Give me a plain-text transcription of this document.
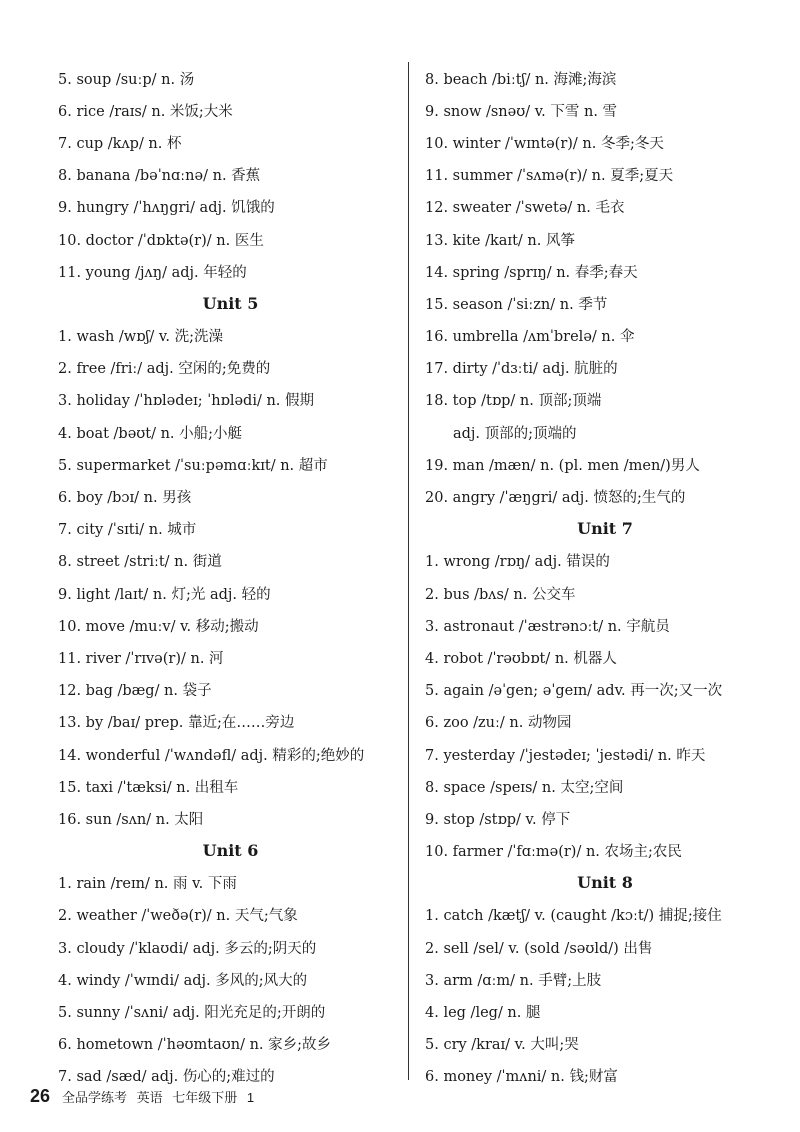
5. soup /suːp/ n. 汤
6. rice /raɪs/ n. 米饭;大米
7. cup /kʌp/ n. 杯
8. banana /bəˈnɑːnə/ n. 香蕉
9. hungry /ˈhʌŋgri/ adj. 饥饿的
10. doctor /ˈdɒktə(r)/ n. 医生
11. young /jʌŋ/ adj. 年轻的
Unit 5
1. wash /wɒʃ/ v. 洗;洗澡
2. free /friː/ adj. 空闲的;免费的
3. holiday /ˈhɒlədeɪ; ˈhɒlədi/ n. 假期
4. boat /bəʊt/ n. 小船;小艇
5. supermarket /ˈsuːpəmɑːkɪt/ n. 超市
6. boy /bɔɪ/ n. 男孩
7. city /ˈsɪti/ n. 城市
8. street /striːt/ n. 街道
9. light /laɪt/ n. 灯;光 adj. 轻的
10. move /muːv/ v. 移动;搬动
11. river /ˈrɪvə(r)/ n. 河
12. bag /bæg/ n. 袋子
13. by /baɪ/ prep. 靠近;在……旁边
14. wonderful /ˈwʌndəfl/ adj. 精彩的;绝妙的
15. taxi /ˈtæksi/ n. 出租车
16. sun /sʌn/ n. 太阳
Unit 6
1. rain /reɪn/ n. 雨 v. 下雨
2. weather /ˈweðə(r)/ n. 天气;气象
3. cloudy /ˈklaʊdi/ adj. 多云的;阴天的
4. windy /ˈwɪndi/ adj. 多风的;风大的
5. sunny /ˈsʌni/ adj. 阳光充足的;开朗的
6. hometown /ˈhəʊmtaʊn/ n. 家乡;故乡
7. sad /sæd/ adj. 伤心的;难过的
8. beach /biːtʃ/ n. 海滩;海滨
9. snow /snəʊ/ v. 下雪 n. 雪
10. winter /ˈwɪntə(r)/ n. 冬季;冬天
11. summer /ˈsʌmə(r)/ n. 夏季;夏天
12. sweater /ˈswetə/ n. 毛衣
13. kite /kaɪt/ n. 风筝
14. spring /sprɪŋ/ n. 春季;春天
15. season /ˈsiːzn/ n. 季节
16. umbrella /ʌmˈbrelə/ n. 伞
17. dirty /ˈdɜːti/ adj. 肮脏的
18. top /tɒp/ n. 顶部;顶端
adj. 顶部的;顶端的
19. man /mæn/ n. (pl. men /men/)男人
20. angry /ˈæŋgri/ adj. 愤怒的;生气的
Unit 7
1. wrong /rɒŋ/ adj. 错误的
2. bus /bʌs/ n. 公交车
3. astronaut /ˈæstrənɔːt/ n. 宇航员
4. robot /ˈrəʊbɒt/ n. 机器人
5. again /əˈgen; əˈgeɪn/ adv. 再一次;又一次
6. zoo /zuː/ n. 动物园
7. yesterday /ˈjestədeɪ; ˈjestədi/ n. 昨天
8. space /speɪs/ n. 太空;空间
9. stop /stɒp/ v. 停下
10. farmer /ˈfɑːmə(r)/ n. 农场主;农民
Unit 8
1. catch /kætʃ/ v. (caught /kɔːt/) 捕捉;接住
2. sell /sel/ v. (sold /səʊld/) 出售
3. arm /ɑːm/ n. 手臂;上肢
4. leg /leg/ n. 腿
5. cry /kraɪ/ v. 大叫;哭
6. money /ˈmʌni/ n. 钱;财富
26 全品学练考 英语 七年级下册 1
